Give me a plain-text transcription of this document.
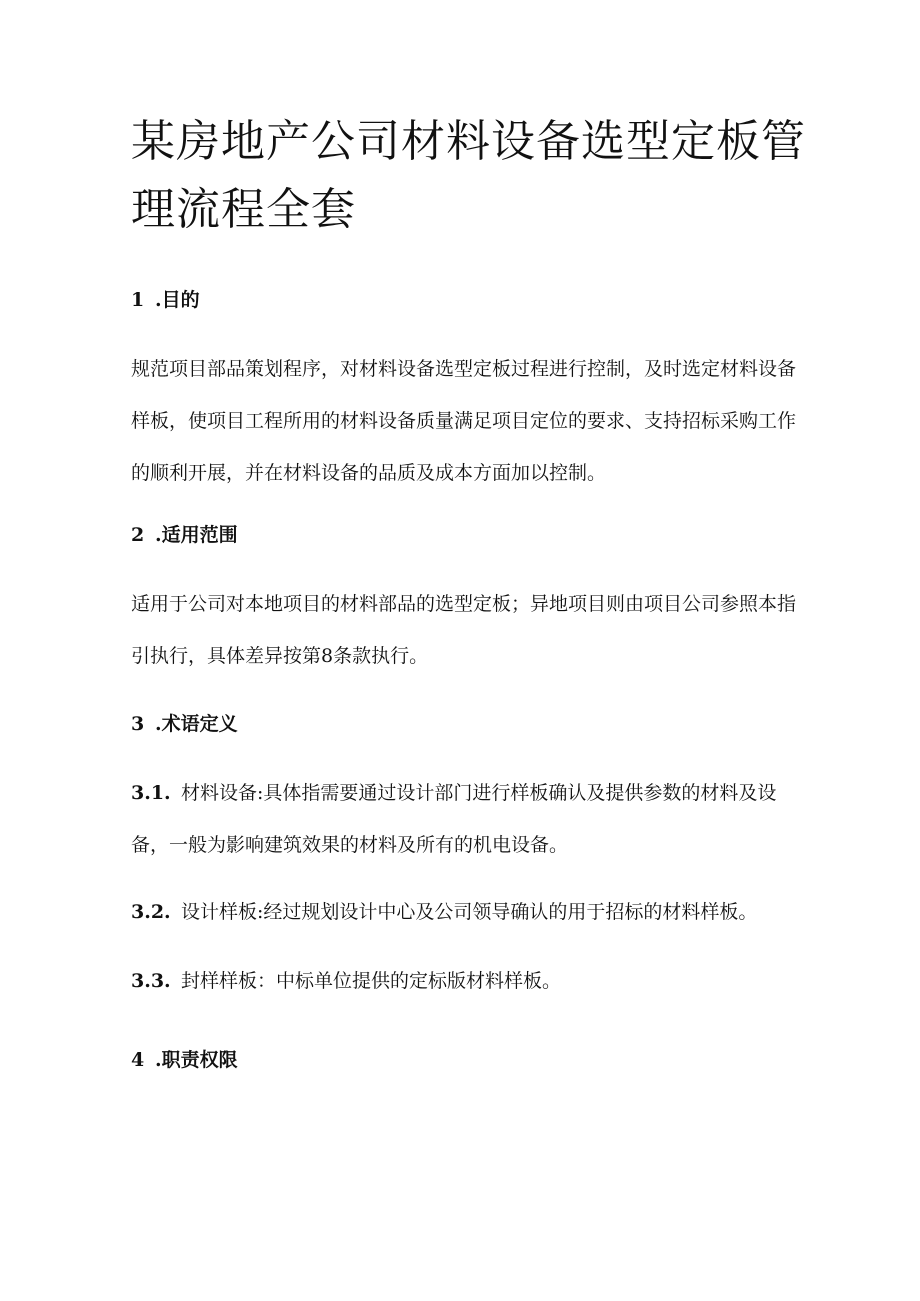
某房地产公司材料设备选型定板管理流程全套
1 .目的

规范项目部品策划程序，对材料设备选型定板过程进行控制，及时选定材料设备样板，使项目工程所用的材料设备质量满足项目定位的要求、支持招标采购工作的顺利开展，并在材料设备的品质及成本方面加以控制。

2 .适用范围

适用于公司对本地项目的材料部品的选型定板；异地项目则由项目公司参照本指引执行，具体差异按第8条款执行。

3 .术语定义

3.1. 材料设备:具体指需要通过设计部门进行样板确认及提供参数的材料及设备，一般为影响建筑效果的材料及所有的机电设备。

3.2. 设计样板:经过规划设计中心及公司领导确认的用于招标的材料样板。

3.3. 封样样板：中标单位提供的定标版材料样板。

4 .职责权限
